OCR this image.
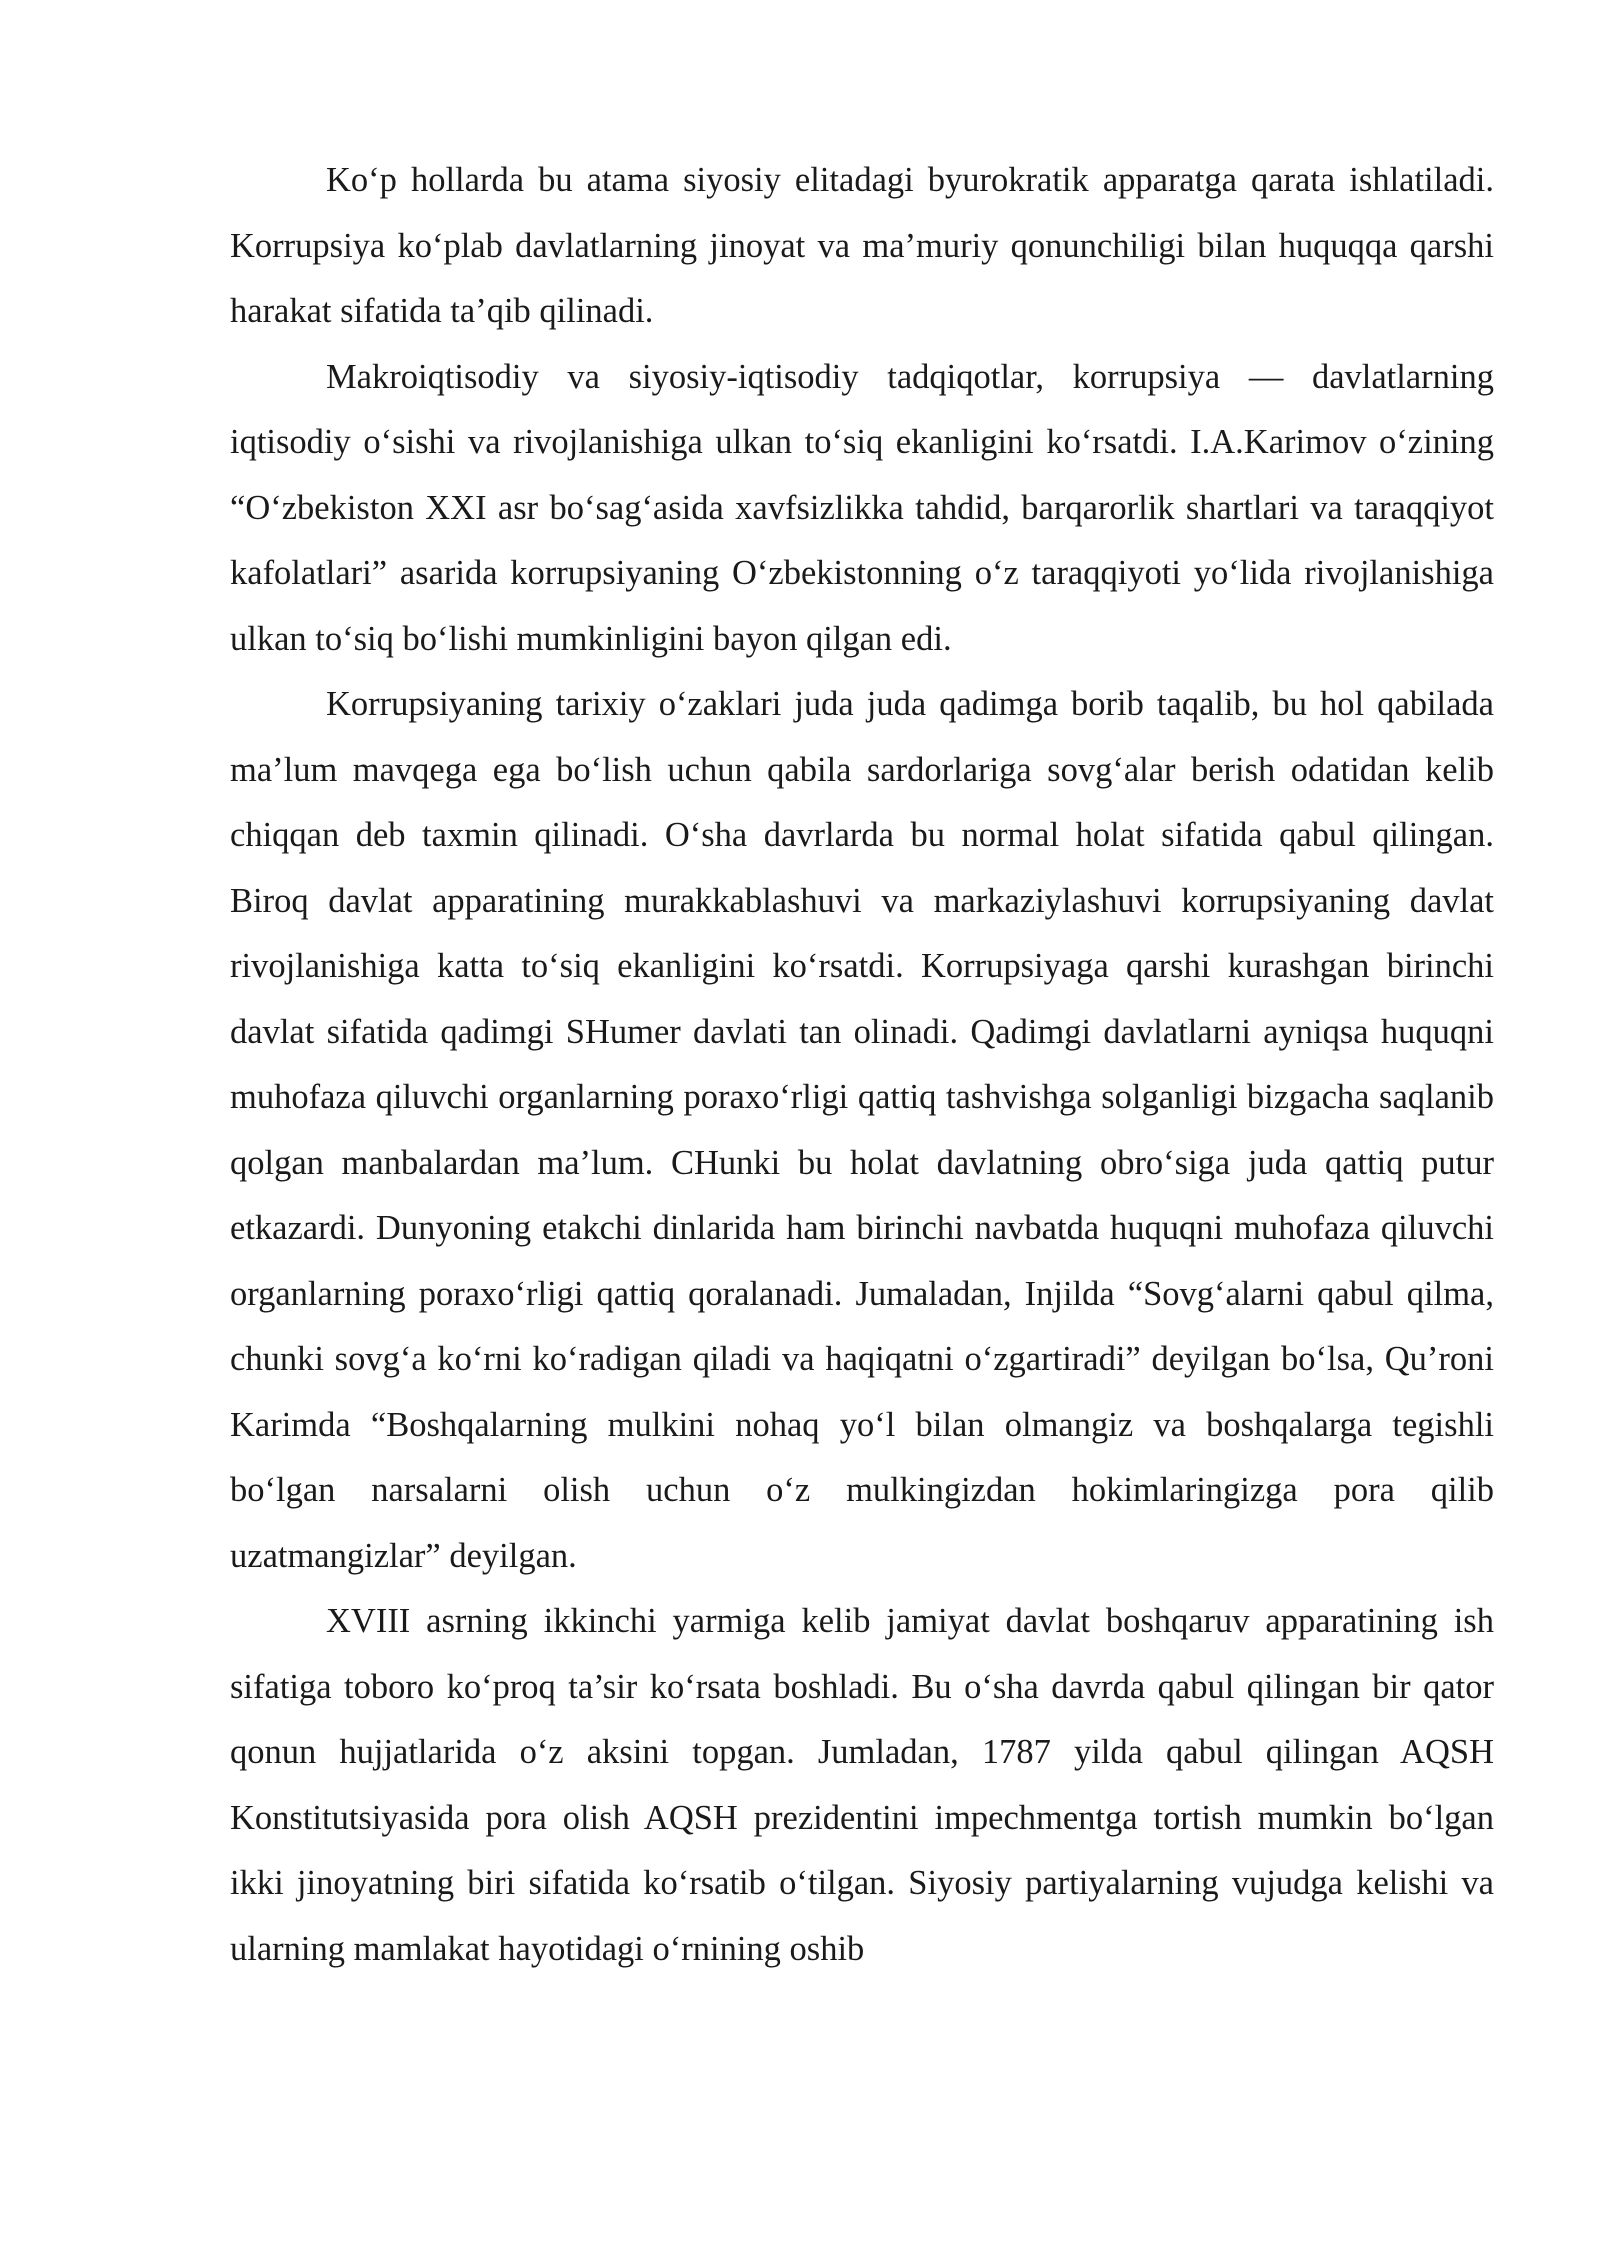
Ko‘p hollarda bu atama siyosiy elitadagi byurokratik apparatga qarata ishlatiladi. Korrupsiya ko‘plab davlatlarning jinoyat va ma’muriy qonunchiligi bilan huquqqa qarshi harakat sifatida ta’qib qilinadi.

Makroiqtisodiy va siyosiy-iqtisodiy tadqiqotlar, korrupsiya — davlatlarning iqtisodiy o‘sishi va rivojlanishiga ulkan to‘siq ekanligini ko‘rsatdi. I.A.Karimov o‘zining “O‘zbekiston XXI asr bo‘sag‘asida xavfsizlikka tahdid, barqarorlik shartlari va taraqqiyot kafolatlari” asarida korrupsiyaning O‘zbekistonning o‘z taraqqiyoti yo‘lida rivojlanishiga ulkan to‘siq bo‘lishi mumkinligini bayon qilgan edi.

Korrupsiyaning tarixiy o‘zaklari juda juda qadimga borib taqalib, bu hol qabilada ma’lum mavqega ega bo‘lish uchun qabila sardorlariga sovg‘alar berish odatidan kelib chiqqan deb taxmin qilinadi. O‘sha davrlarda bu normal holat sifatida qabul qilingan. Biroq davlat apparatining murakkablashuvi va markaziylashuvi korrupsiyaning davlat rivojlanishiga katta to‘siq ekanligini ko‘rsatdi. Korrupsiyaga qarshi kurashgan birinchi davlat sifatida qadimgi SHumer davlati tan olinadi. Qadimgi davlatlarni ayniqsa huquqni muhofaza qiluvchi organlarning poraxo‘rligi qattiq tashvishga solganligi bizgacha saqlanib qolgan manbalardan ma’lum. CHunki bu holat davlatning obro‘siga juda qattiq putur etkazardi. Dunyoning etakchi dinlarida ham birinchi navbatda huquqni muhofaza qiluvchi organlarning poraxo‘rligi qattiq qoralanadi. Jumaladan, Injilda “Sovg‘alarni qabul qilma, chunki sovg‘a ko‘rni ko‘radigan qiladi va haqiqatni o‘zgartiradi” deyilgan bo‘lsa, Qu’roni Karimda “Boshqalarning mulkini nohaq yo‘l bilan olmangiz va boshqalarga tegishli bo‘lgan narsalarni olish uchun o‘z mulkingizdan hokimlaringizga pora qilib uzatmangizlar” deyilgan.

XVIII asrning ikkinchi yarmiga kelib jamiyat davlat boshqaruv apparatining ish sifatiga toboro ko‘proq ta’sir ko‘rsata boshladi. Bu o‘sha davrda qabul qilingan bir qator qonun hujjatlarida o‘z aksini topgan. Jumladan, 1787 yilda qabul qilingan AQSH Konstitutsiyasida pora olish AQSH prezidentini impechmentga tortish mumkin bo‘lgan ikki jinoyatning biri sifatida ko‘rsatib o‘tilgan. Siyosiy partiyalarning vujudga kelishi va ularning mamlakat hayotidagi o‘rnining oshib
